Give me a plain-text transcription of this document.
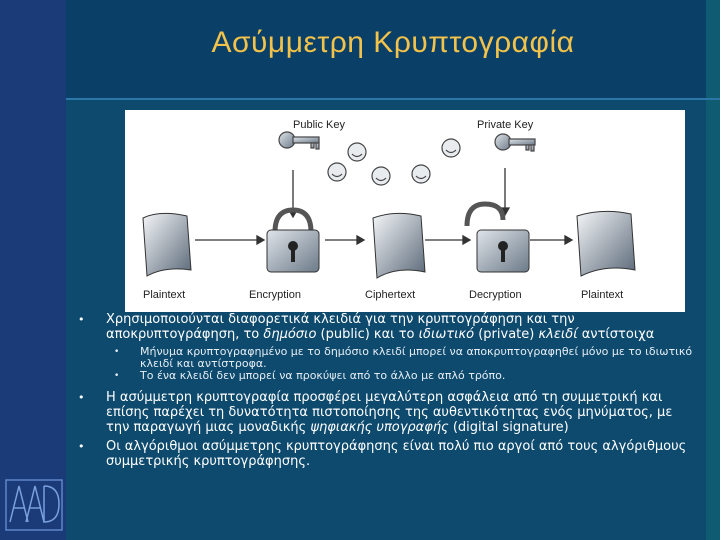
Ασύμμετρη Κρυπτογραφία
Public Key	Private Key
Plaintext	Encryption	Ciphertext	Decryption	Plaintext
•	Χρησιμοποιούνται διαφορετικά κλειδιά για την κρυπτογράφηση και την αποκρυπτογράφηση, το δημόσιο (public) και το ιδιωτικό (private) κλειδί αντίστοιχα
• Μήνυμα κρυπτογραφημένο με το δημόσιο κλειδί μπορεί να αποκρυπτογραφηθεί μόνο με το ιδιωτικό κλειδί και αντίστροφα.
• Το ένα κλειδί δεν μπορεί να προκύψει από το άλλο με απλό τρόπο.
•	Η ασύμμετρη κρυπτογραφία προσφέρει μεγαλύτερη ασφάλεια από τη συμμετρική και επίσης παρέχει τη δυνατότητα πιστοποίησης της αυθεντικότητας ενός μηνύματος, με την παραγωγή μιας μοναδικής ψηφιακής υπογραφής (digital signature)
•	Οι αλγόριθμοι ασύμμετρης κρυπτογράφησης είναι πολύ πιο αργοί από τους αλγόριθμους συμμετρικής κρυπτογράφησης.
